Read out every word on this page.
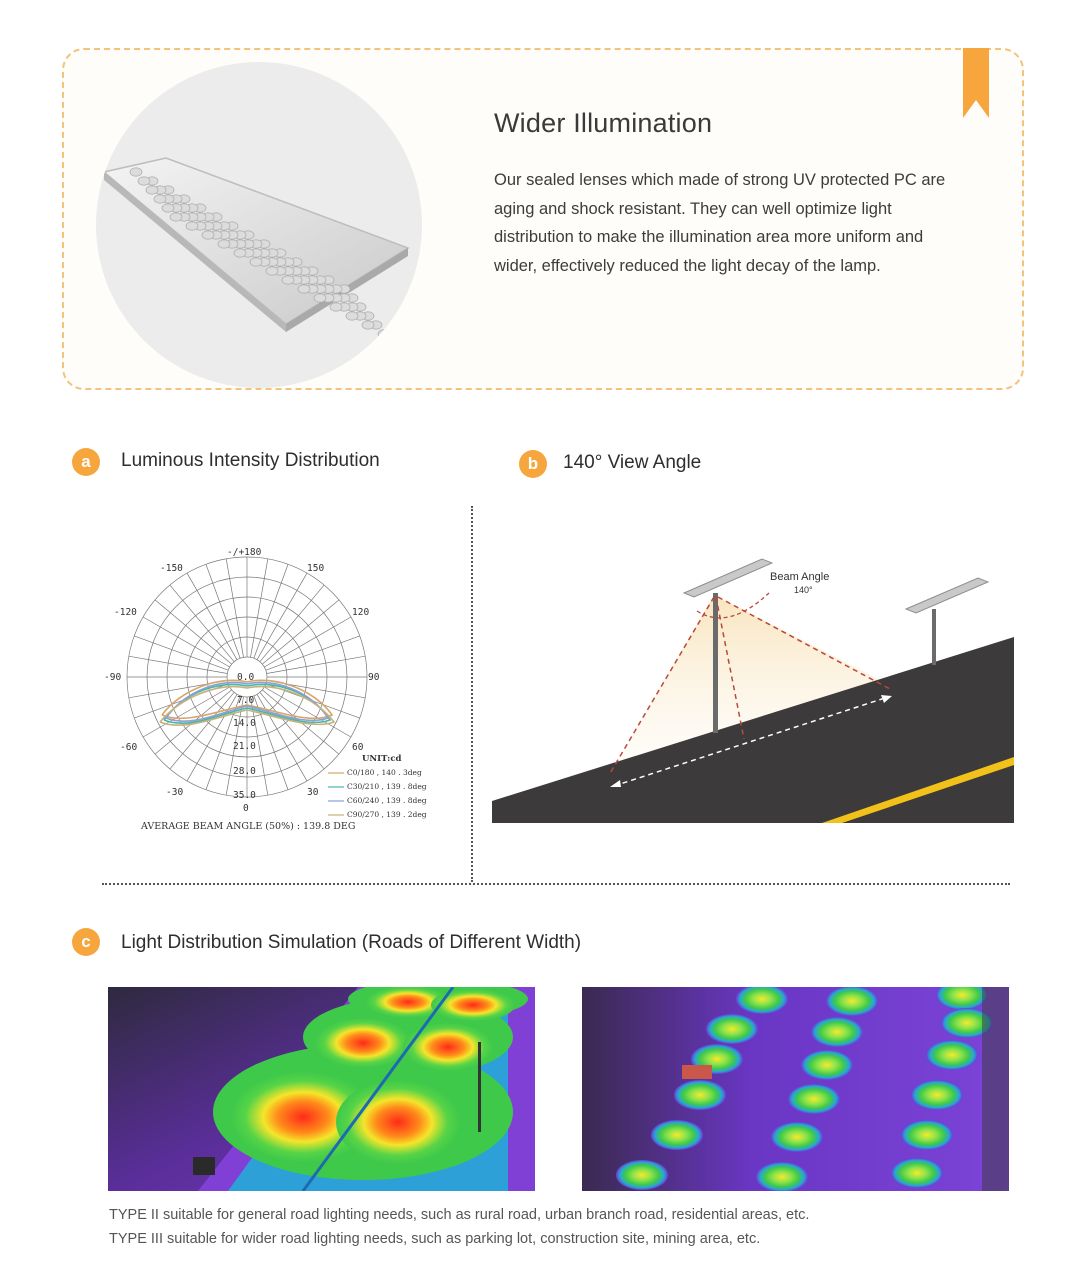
Wider Illumination
Our sealed lenses which made of strong UV protected PC are aging and shock resistant. They can well optimize light distribution to make the illumination area more uniform and wider, effectively reduced the light decay of the lamp.
a	Luminous Intensity Distribution	b	140° View Angle
-/+180
-150	150
-120	120
-90	90
-60	60
-30	30
0
0.0
7.0
14.0
21.0
28.0
35.0
UNIT:cd
C0/180 , 140 . 3deg
C30/210 , 139 . 8deg
C60/240 , 139 . 8deg
C90/270 , 139 . 2deg
AVERAGE BEAM ANGLE (50%) : 139.8 DEG
Beam Angle
140°
c	Light Distribution Simulation (Roads of Different Width)
TYPE II suitable for general road lighting needs, such as rural road, urban branch road, residential areas, etc.
TYPE III suitable for wider road lighting needs, such as parking lot, construction site, mining area, etc.
